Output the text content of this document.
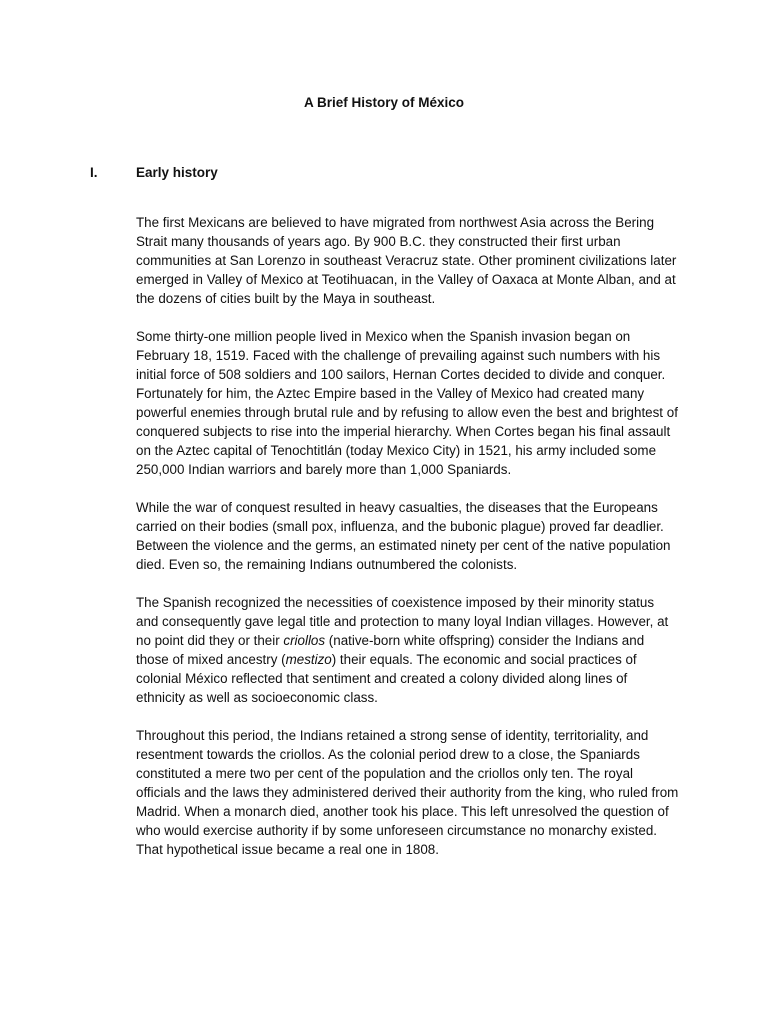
A Brief History of México
I.	Early history

The first Mexicans are believed to have migrated from northwest Asia across the Bering Strait many thousands of years ago. By 900 B.C. they constructed their first urban communities at San Lorenzo in southeast Veracruz state. Other prominent civilizations later emerged in Valley of Mexico at Teotihuacan, in the Valley of Oaxaca at Monte Alban, and at the dozens of cities built by the Maya in southeast.

Some thirty-one million people lived in Mexico when the Spanish invasion began on February 18, 1519. Faced with the challenge of prevailing against such numbers with his initial force of 508 soldiers and 100 sailors, Hernan Cortes decided to divide and conquer. Fortunately for him, the Aztec Empire based in the Valley of Mexico had created many powerful enemies through brutal rule and by refusing to allow even the best and brightest of conquered subjects to rise into the imperial hierarchy. When Cortes began his final assault on the Aztec capital of Tenochtitlán (today Mexico City) in 1521, his army included some 250,000 Indian warriors and barely more than 1,000 Spaniards.

While the war of conquest resulted in heavy casualties, the diseases that the Europeans carried on their bodies (small pox, influenza, and the bubonic plague) proved far deadlier. Between the violence and the germs, an estimated ninety per cent of the native population died. Even so, the remaining Indians outnumbered the colonists.

The Spanish recognized the necessities of coexistence imposed by their minority status and consequently gave legal title and protection to many loyal Indian villages. However, at no point did they or their criollos (native-born white offspring) consider the Indians and those of mixed ancestry (mestizo) their equals. The economic and social practices of colonial México reflected that sentiment and created a colony divided along lines of ethnicity as well as socioeconomic class.

Throughout this period, the Indians retained a strong sense of identity, territoriality, and resentment towards the criollos. As the colonial period drew to a close, the Spaniards constituted a mere two per cent of the population and the criollos only ten. The royal officials and the laws they administered derived their authority from the king, who ruled from Madrid. When a monarch died, another took his place. This left unresolved the question of who would exercise authority if by some unforeseen circumstance no monarchy existed. That hypothetical issue became a real one in 1808.
